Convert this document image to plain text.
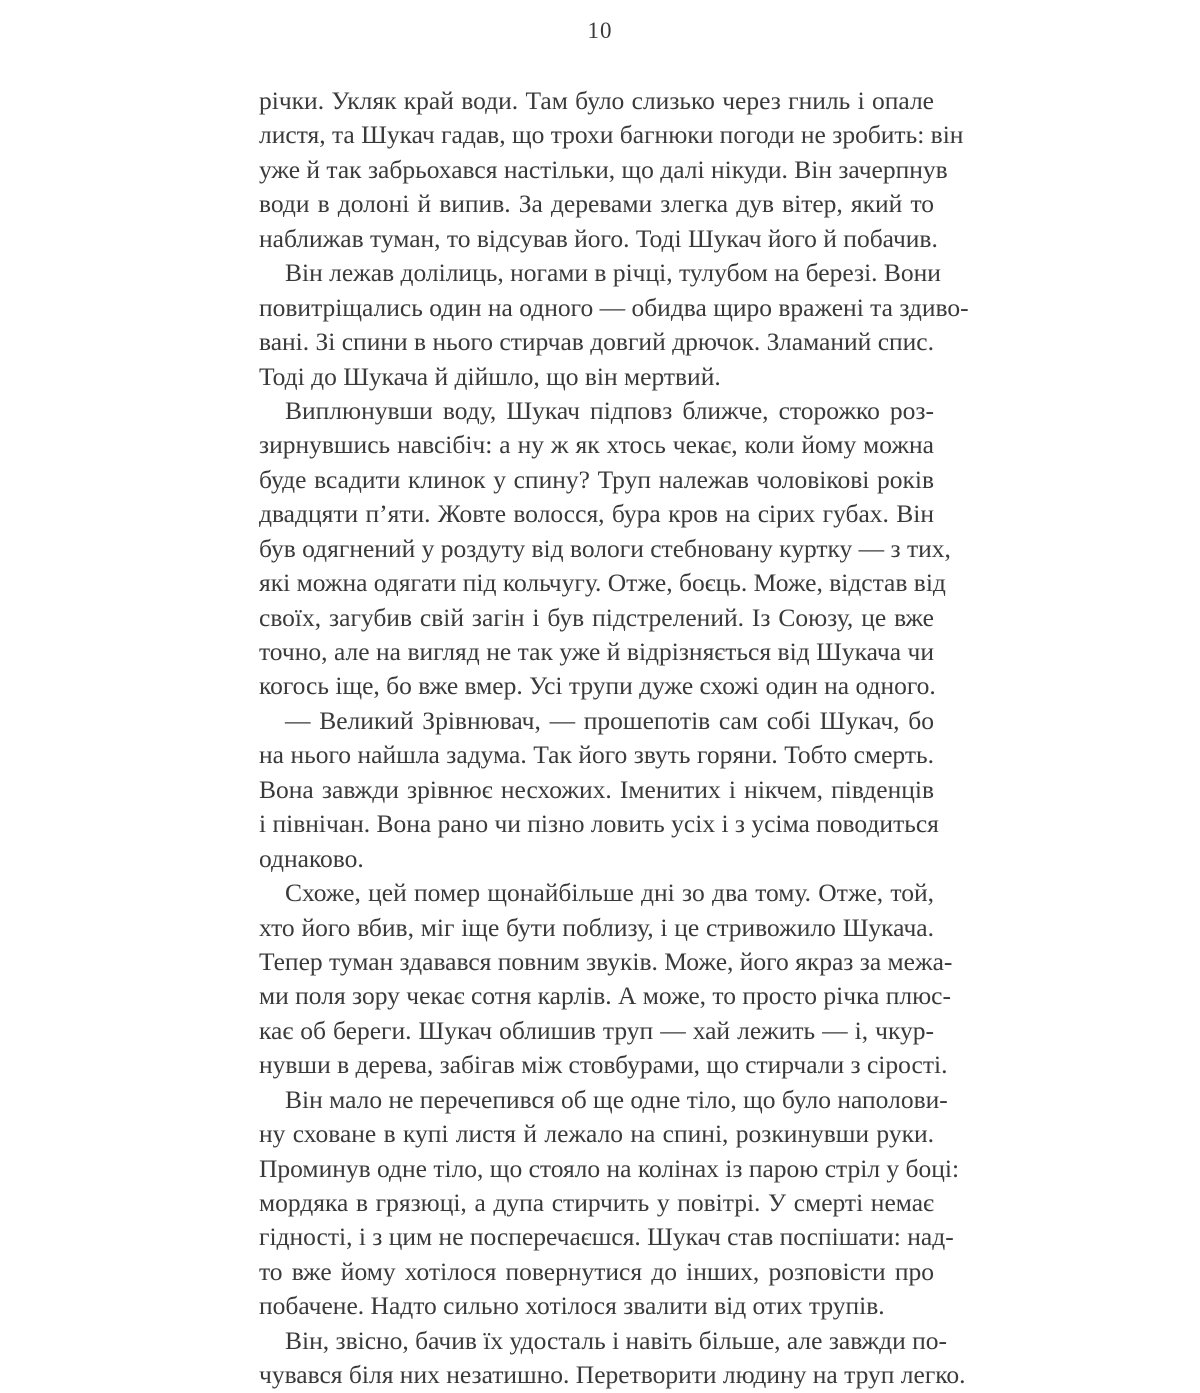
10
річки. Укляк край води. Там було слизько через гниль і опале
листя, та Шукач гадав, що трохи багнюки погоди не зробить: він
уже й так забрьохався настільки, що далі нікуди. Він зачерпнув
води в долоні й випив. За деревами злегка дув вітер, який то
наближав туман, то відсував його. Тоді Шукач його й побачив.
Він лежав долілиць, ногами в річці, тулубом на березі. Вони
повитріщались один на одного — обидва щиро вражені та здиво-
вані. Зі спини в нього стирчав довгий дрючок. Зламаний спис.
Тоді до Шукача й дійшло, що він мертвий.
Виплюнувши воду, Шукач підповз ближче, сторожко роз-
зирнувшись навсібіч: а ну ж як хтось чекає, коли йому можна
буде всадити клинок у спину? Труп належав чоловікові років
двадцяти п’яти. Жовте волосся, бура кров на сірих губах. Він
був одягнений у роздуту від вологи стебновану куртку — з тих,
які можна одягати під кольчугу. Отже, боєць. Може, відстав від
своїх, загубив свій загін і був підстрелений. Із Союзу, це вже
точно, але на вигляд не так уже й відрізняється від Шукача чи
когось іще, бо вже вмер. Усі трупи дуже схожі один на одного.
— Великий Зрівнювач, — прошепотів сам собі Шукач, бо
на нього найшла задума. Так його звуть горяни. Тобто смерть.
Вона завжди зрівнює несхожих. Іменитих і нікчем, південців
і північан. Вона рано чи пізно ловить усіх і з усіма поводиться
однаково.
Схоже, цей помер щонайбільше дні зо два тому. Отже, той,
хто його вбив, міг іще бути поблизу, і це стривожило Шукача.
Тепер туман здавався повним звуків. Може, його якраз за межа-
ми поля зору чекає сотня карлів. А може, то просто річка плюс-
кає об береги. Шукач облишив труп — хай лежить — і, чкур-
нувши в дерева, забігав між стовбурами, що стирчали з сірості.
Він мало не перечепився об ще одне тіло, що було наполови-
ну сховане в купі листя й лежало на спині, розкинувши руки.
Проминув одне тіло, що стояло на колінах із парою стріл у боці:
мордяка в грязюці, а дупа стирчить у повітрі. У смерті немає
гідності, і з цим не посперечаєшся. Шукач став поспішати: над-
то вже йому хотілося повернутися до інших, розповісти про
побачене. Надто сильно хотілося звалити від отих трупів.
Він, звісно, бачив їх удосталь і навіть більше, але завжди по-
чувався біля них незатишно. Перетворити людину на труп легко.
